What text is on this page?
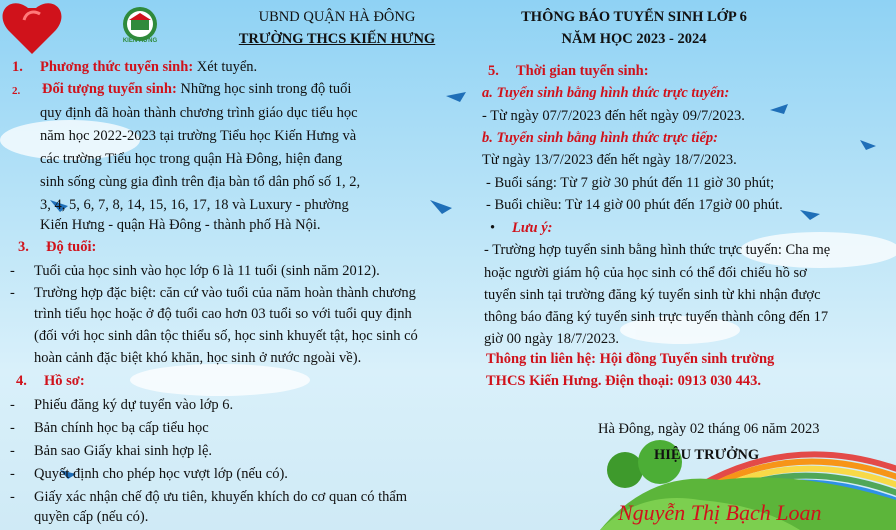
KIẾN HƯNG
UBND QUẬN HÀ ĐÔNG
TRƯỜNG THCS KIẾN HƯNG
THÔNG BÁO TUYỂN SINH LỚP 6
NĂM HỌC 2023 - 2024
1. Phương thức tuyển sinh: Xét tuyển.
2. Đối tượng tuyển sinh: Những học sinh trong độ tuổi
quy định đã hoàn thành chương trình giáo dục tiểu học
năm học 2022-2023 tại trường Tiểu học Kiến Hưng và
các trường Tiểu học trong quận Hà Đông, hiện đang
sinh sống cùng gia đình trên địa bàn tổ dân phố số 1, 2,
3, 4, 5, 6, 7, 8, 14, 15, 16, 17, 18 và Luxury - phường
Kiến Hưng - quận Hà Đông - thành phố Hà Nội.
3. Độ tuổi:
- Tuổi của học sinh vào học lớp 6 là 11 tuổi (sinh năm 2012).
- Trường hợp đặc biệt: căn cứ vào tuổi của năm hoàn thành chương
trình tiểu học hoặc ở độ tuổi cao hơn 03 tuổi so với tuổi quy định
(đối với học sinh dân tộc thiểu số, học sinh khuyết tật, học sinh có
hoàn cảnh đặc biệt khó khăn, học sinh ở nước ngoài về).
4. Hồ sơ:
- Phiếu đăng ký dự tuyển vào lớp 6.
- Bản chính học bạ cấp tiểu học
- Bản sao Giấy khai sinh hợp lệ.
- Quyết định cho phép học vượt lớp (nếu có).
- Giấy xác nhận chế độ ưu tiên, khuyến khích do cơ quan có thẩm
quyền cấp (nếu có).
5. Thời gian tuyển sinh:
a. Tuyển sinh bằng hình thức trực tuyến:
- Từ ngày 07/7/2023 đến hết ngày 09/7/2023.
b. Tuyển sinh bằng hình thức trực tiếp:
Từ ngày 13/7/2023 đến hết ngày 18/7/2023.
- Buổi sáng: Từ 7 giờ 30 phút đến 11 giờ 30 phút;
- Buổi chiều: Từ 14 giờ 00 phút đến 17giờ 00 phút.
• Lưu ý:
- Trường hợp tuyển sinh bằng hình thức trực tuyến: Cha mẹ
hoặc người giám hộ của học sinh có thể đối chiếu hồ sơ
tuyển sinh tại trường đăng ký tuyển sinh từ khi nhận được
thông báo đăng ký tuyển sinh trực tuyến thành công đến 17
giờ 00 ngày 18/7/2023.
Thông tin liên hệ: Hội đồng Tuyển sinh trường
THCS Kiến Hưng. Điện thoại: 0913 030 443.
Hà Đông, ngày 02 tháng 06 năm 2023
HIỆU TRƯỞNG
Nguyễn Thị Bạch Loan
